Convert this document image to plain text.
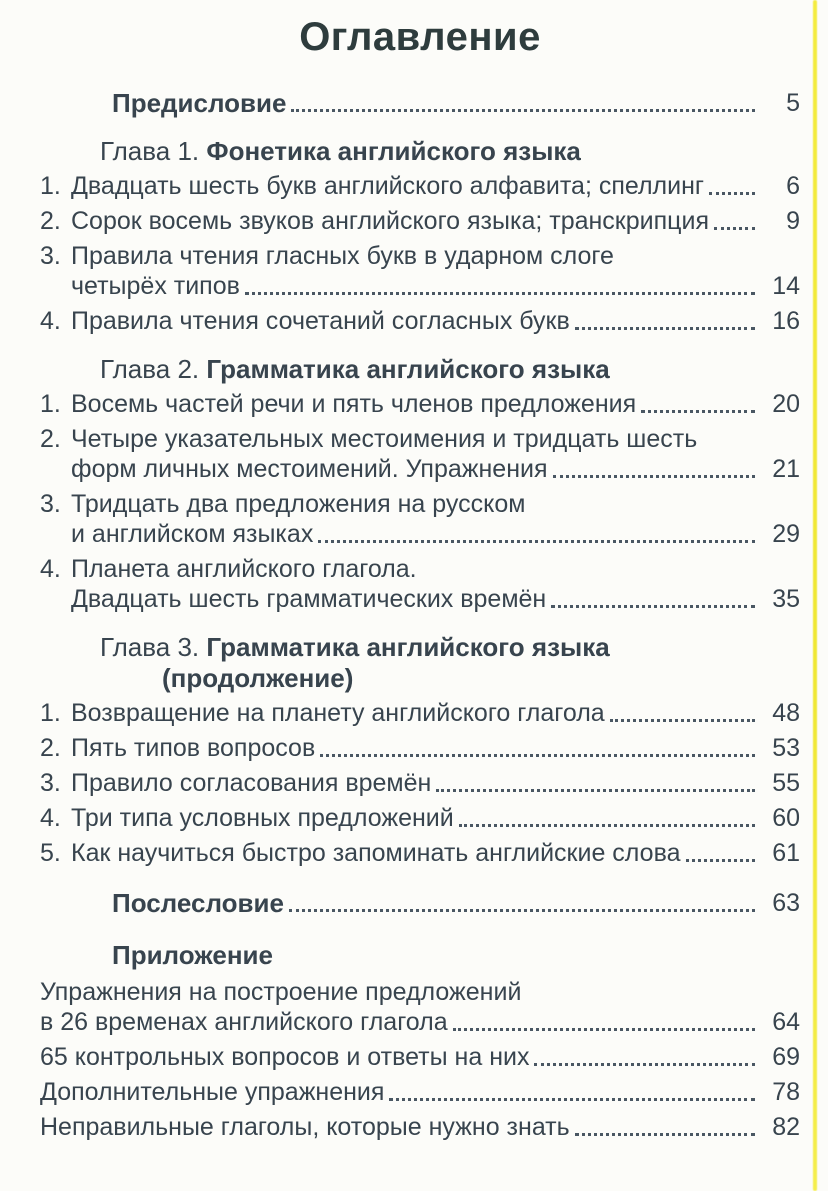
Оглавление
Предисловие	5
Глава 1. Фонетика английского языка
1. Двадцать шесть букв английского алфавита; спеллинг	6
2. Сорок восемь звуков английского языка; транскрипция	9
3. Правила чтения гласных букв в ударном слоге
четырёх типов	14
4. Правила чтения сочетаний согласных букв	16
Глава 2. Грамматика английского языка
1. Восемь частей речи и пять членов предложения	20
2. Четыре указательных местоимения и тридцать шесть
форм личных местоимений. Упражнения	21
3. Тридцать два предложения на русском
и английском языках	29
4. Планета английского глагола.
Двадцать шесть грамматических времён	35
Глава 3. Грамматика английского языка
(продолжение)
1. Возвращение на планету английского глагола	48
2. Пять типов вопросов	53
3. Правило согласования времён	55
4. Три типа условных предложений	60
5. Как научиться быстро запоминать английские слова	61
Послесловие	63
Приложение
Упражнения на построение предложений
в 26 временах английского глагола	64
65 контрольных вопросов и ответы на них	69
Дополнительные упражнения	78
Неправильные глаголы, которые нужно знать	82
